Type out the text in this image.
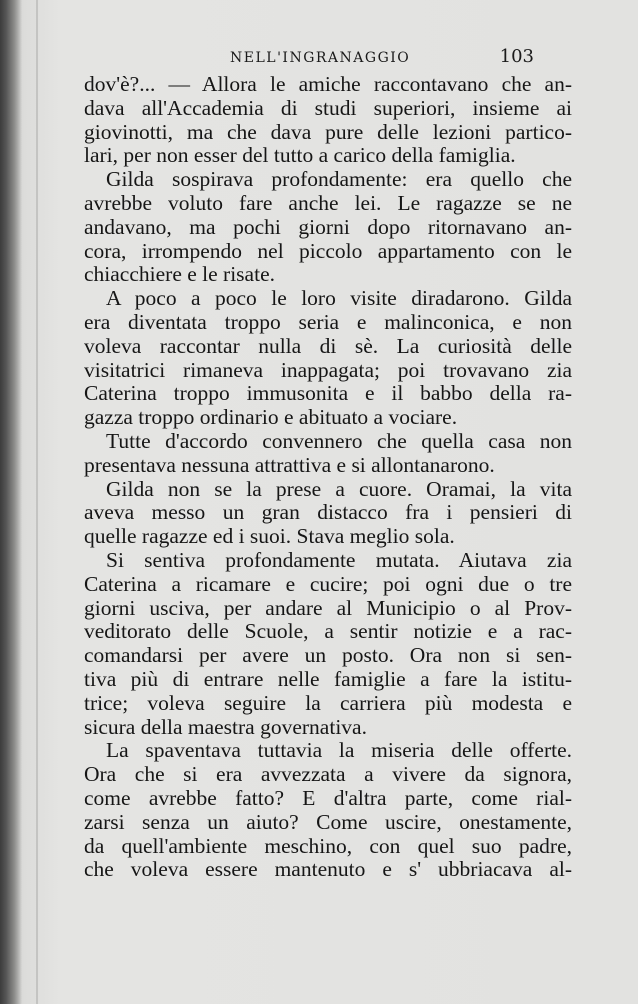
NELL'INGRANAGGIO	103
dov'è?... — Allora le amiche raccontavano che an-
dava all'Accademia di studi superiori, insieme ai
giovinotti, ma che dava pure delle lezioni partico-
lari, per non esser del tutto a carico della famiglia.
Gilda sospirava profondamente: era quello che
avrebbe voluto fare anche lei. Le ragazze se ne
andavano, ma pochi giorni dopo ritornavano an-
cora, irrompendo nel piccolo appartamento con le
chiacchiere e le risate.
A poco a poco le loro visite diradarono. Gilda
era diventata troppo seria e malinconica, e non
voleva raccontar nulla di sè. La curiosità delle
visitatrici rimaneva inappagata; poi trovavano zia
Caterina troppo immusonita e il babbo della ra-
gazza troppo ordinario e abituato a vociare.
Tutte d'accordo convennero che quella casa non
presentava nessuna attrattiva e si allontanarono.
Gilda non se la prese a cuore. Oramai, la vita
aveva messo un gran distacco fra i pensieri di
quelle ragazze ed i suoi. Stava meglio sola.
Si sentiva profondamente mutata. Aiutava zia
Caterina a ricamare e cucire; poi ogni due o tre
giorni usciva, per andare al Municipio o al Prov-
veditorato delle Scuole, a sentir notizie e a rac-
comandarsi per avere un posto. Ora non si sen-
tiva più di entrare nelle famiglie a fare la istitu-
trice; voleva seguire la carriera più modesta e
sicura della maestra governativa.
La spaventava tuttavia la miseria delle offerte.
Ora che si era avvezzata a vivere da signora,
come avrebbe fatto? E d'altra parte, come rial-
zarsi senza un aiuto? Come uscire, onestamente,
da quell'ambiente meschino, con quel suo padre,
che voleva essere mantenuto e s' ubbriacava al-
